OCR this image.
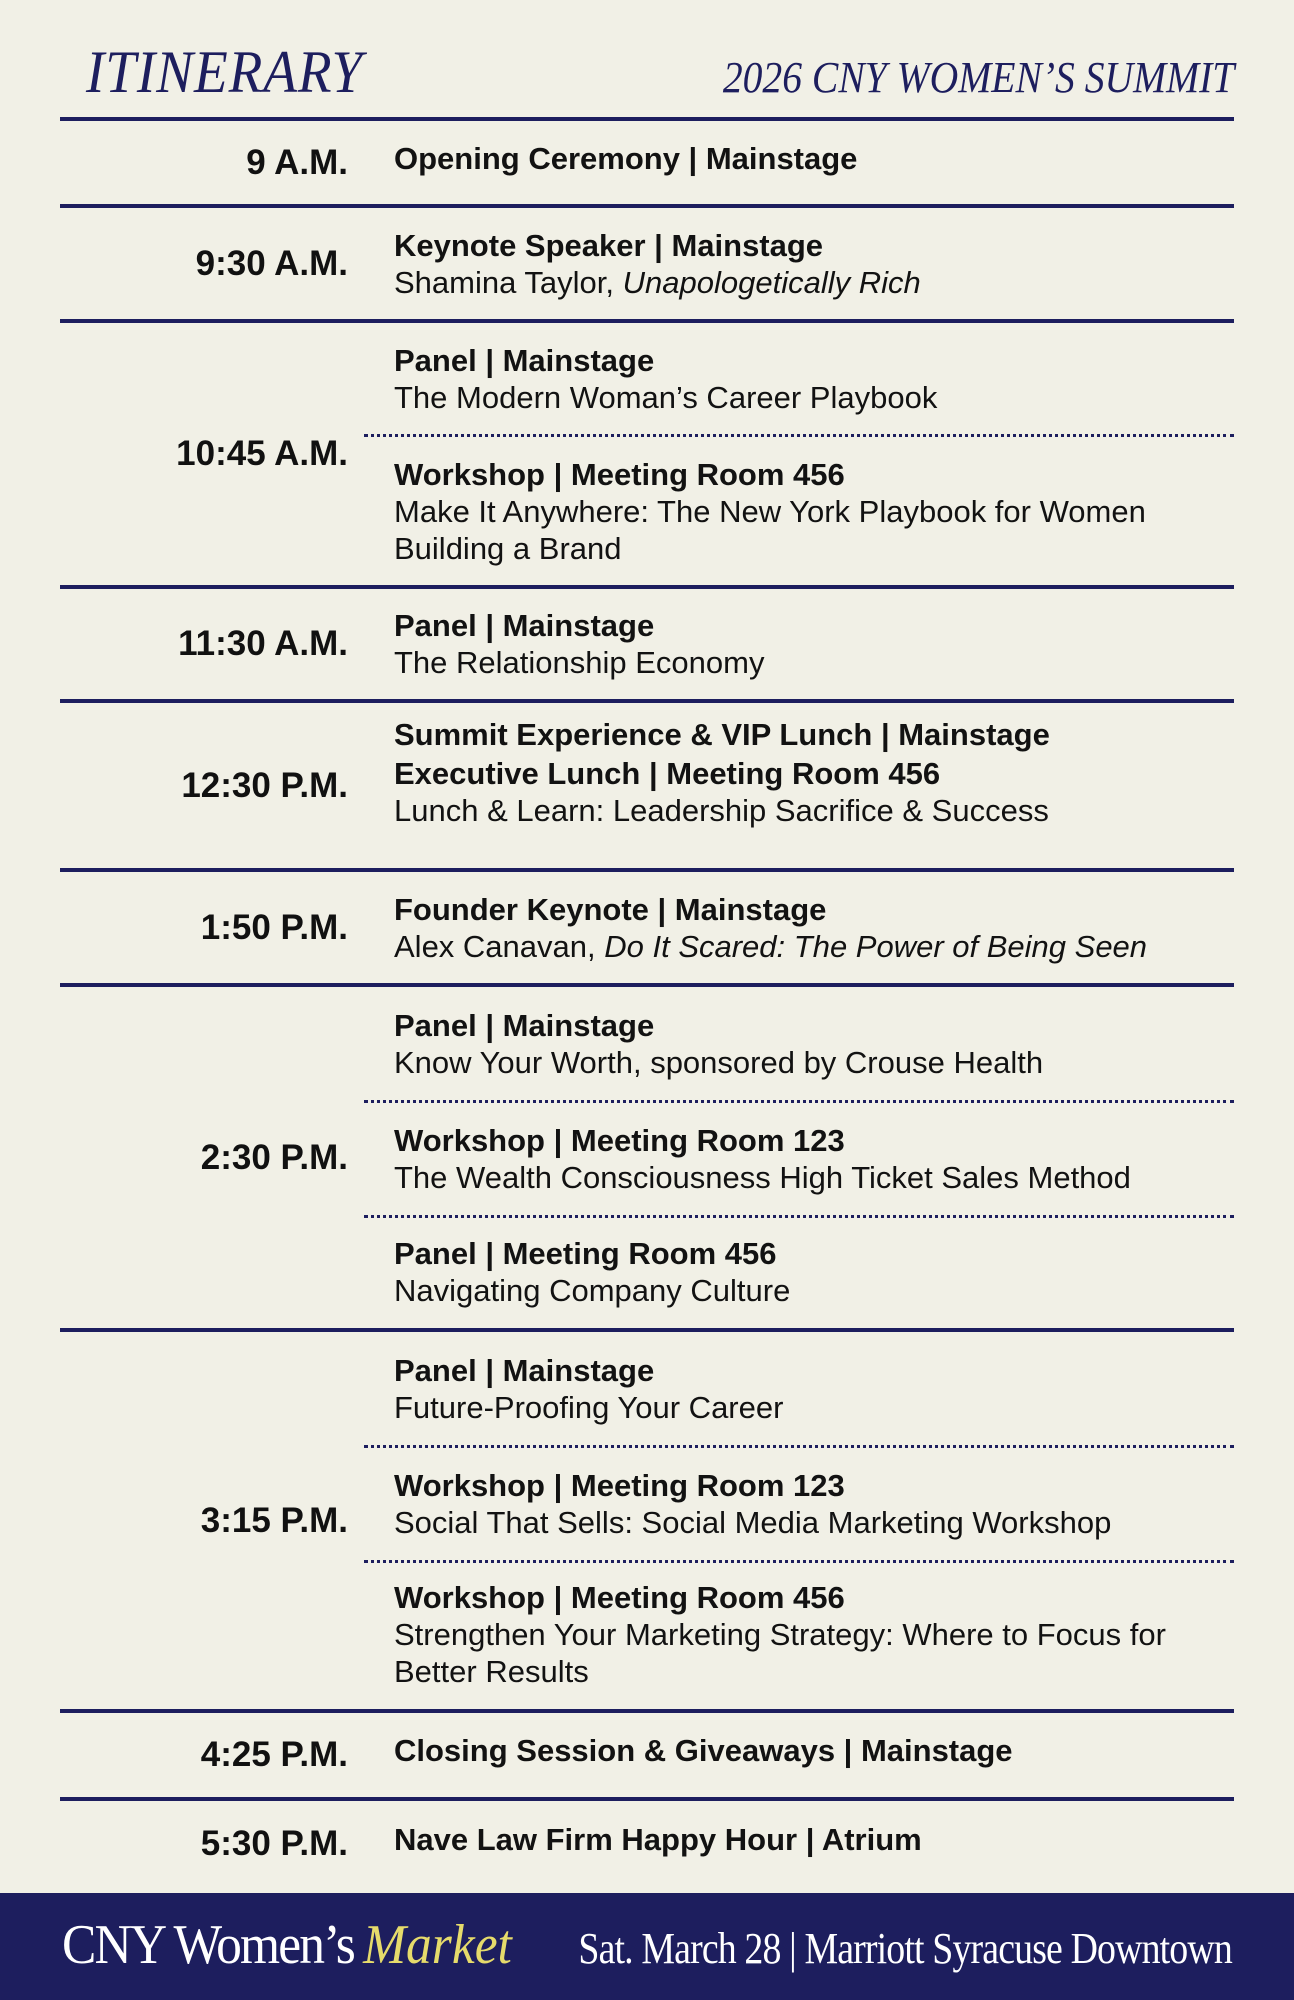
ITINERARY	2026 CNY WOMEN’S SUMMIT
9 A.M. Opening Ceremony | Mainstage
9:30 A.M. Keynote Speaker | Mainstage
Shamina Taylor, Unapologetically Rich
10:45 A.M.
Panel | Mainstage
The Modern Woman’s Career Playbook
Workshop | Meeting Room 456
Make It Anywhere: The New York Playbook for Women Building a Brand
11:30 A.M. Panel | Mainstage
The Relationship Economy
12:30 P.M.
Summit Experience & VIP Lunch | Mainstage
Executive Lunch | Meeting Room 456
Lunch & Learn: Leadership Sacrifice & Success
1:50 P.M. Founder Keynote | Mainstage
Alex Canavan, Do It Scared: The Power of Being Seen
2:30 P.M.
Panel | Mainstage
Know Your Worth, sponsored by Crouse Health
Workshop | Meeting Room 123
The Wealth Consciousness High Ticket Sales Method
Panel | Meeting Room 456
Navigating Company Culture
3:15 P.M.
Panel | Mainstage
Future-Proofing Your Career
Workshop | Meeting Room 123
Social That Sells: Social Media Marketing Workshop
Workshop | Meeting Room 456
Strengthen Your Marketing Strategy: Where to Focus for Better Results
4:25 P.M. Closing Session & Giveaways | Mainstage
5:30 P.M. Nave Law Firm Happy Hour | Atrium
CNY Women’s Market Sat. March 28 | Marriott Syracuse Downtown
